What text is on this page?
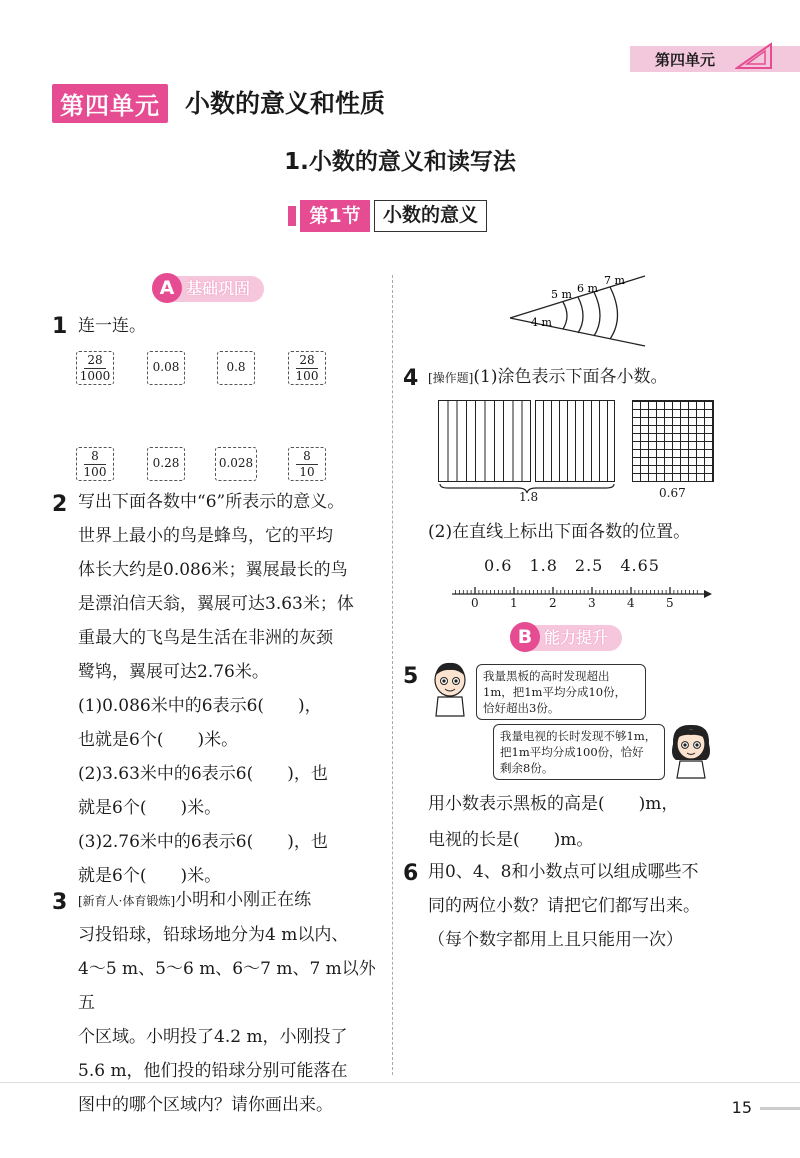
第四单元
第四单元	小数的意义和性质
1.小数的意义和读写法
第1节	小数的意义
A 基础巩固
1 连一连。
28
1000
0.08	0.8
28
100
8
100
0.28	0.028
8
10
2 写出下面各数中“6”所表示的意义。
世界上最小的鸟是蜂鸟，它的平均
体长大约是0.086米；翼展最长的鸟
是漂泊信天翁，翼展可达3.63米；体
重最大的飞鸟是生活在非洲的灰颈
鹭鸨，翼展可达2.76米。
(1)0.086米中的6表示6(　　)，
也就是6个(　　)米。
(2)3.63米中的6表示6(　　)，也
就是6个(　　)米。
(3)2.76米中的6表示6(　　)，也
就是6个(　　)米。
3 [新育人·体育锻炼]小明和小刚正在练
习投铅球，铅球场地分为4 m以内、
4～5 m、5～6 m、6～7 m、7 m以外五
个区域。小明投了4.2 m，小刚投了
5.6 m，他们投的铅球分别可能落在
图中的哪个区域内？请你画出来。
4 m
5 m 6 m
7 m
4 [操作题](1)涂色表示下面各小数。
1.8	0.67
(2)在直线上标出下面各数的位置。
0.6　1.8　2.5　4.65
0	1	2	3	4	5
B 能力提升
5	我量黑板的高时发现超出
1m，把1m平均分成10份，
恰好超出3份。
我量电视的长时发现不够1m，
把1m平均分成100份，恰好
剩余8份。
用小数表示黑板的高是(　　)m，
电视的长是(　　)m。
6 用0、4、8和小数点可以组成哪些不
同的两位小数？请把它们都写出来。
（每个数字都用上且只能用一次）
15
